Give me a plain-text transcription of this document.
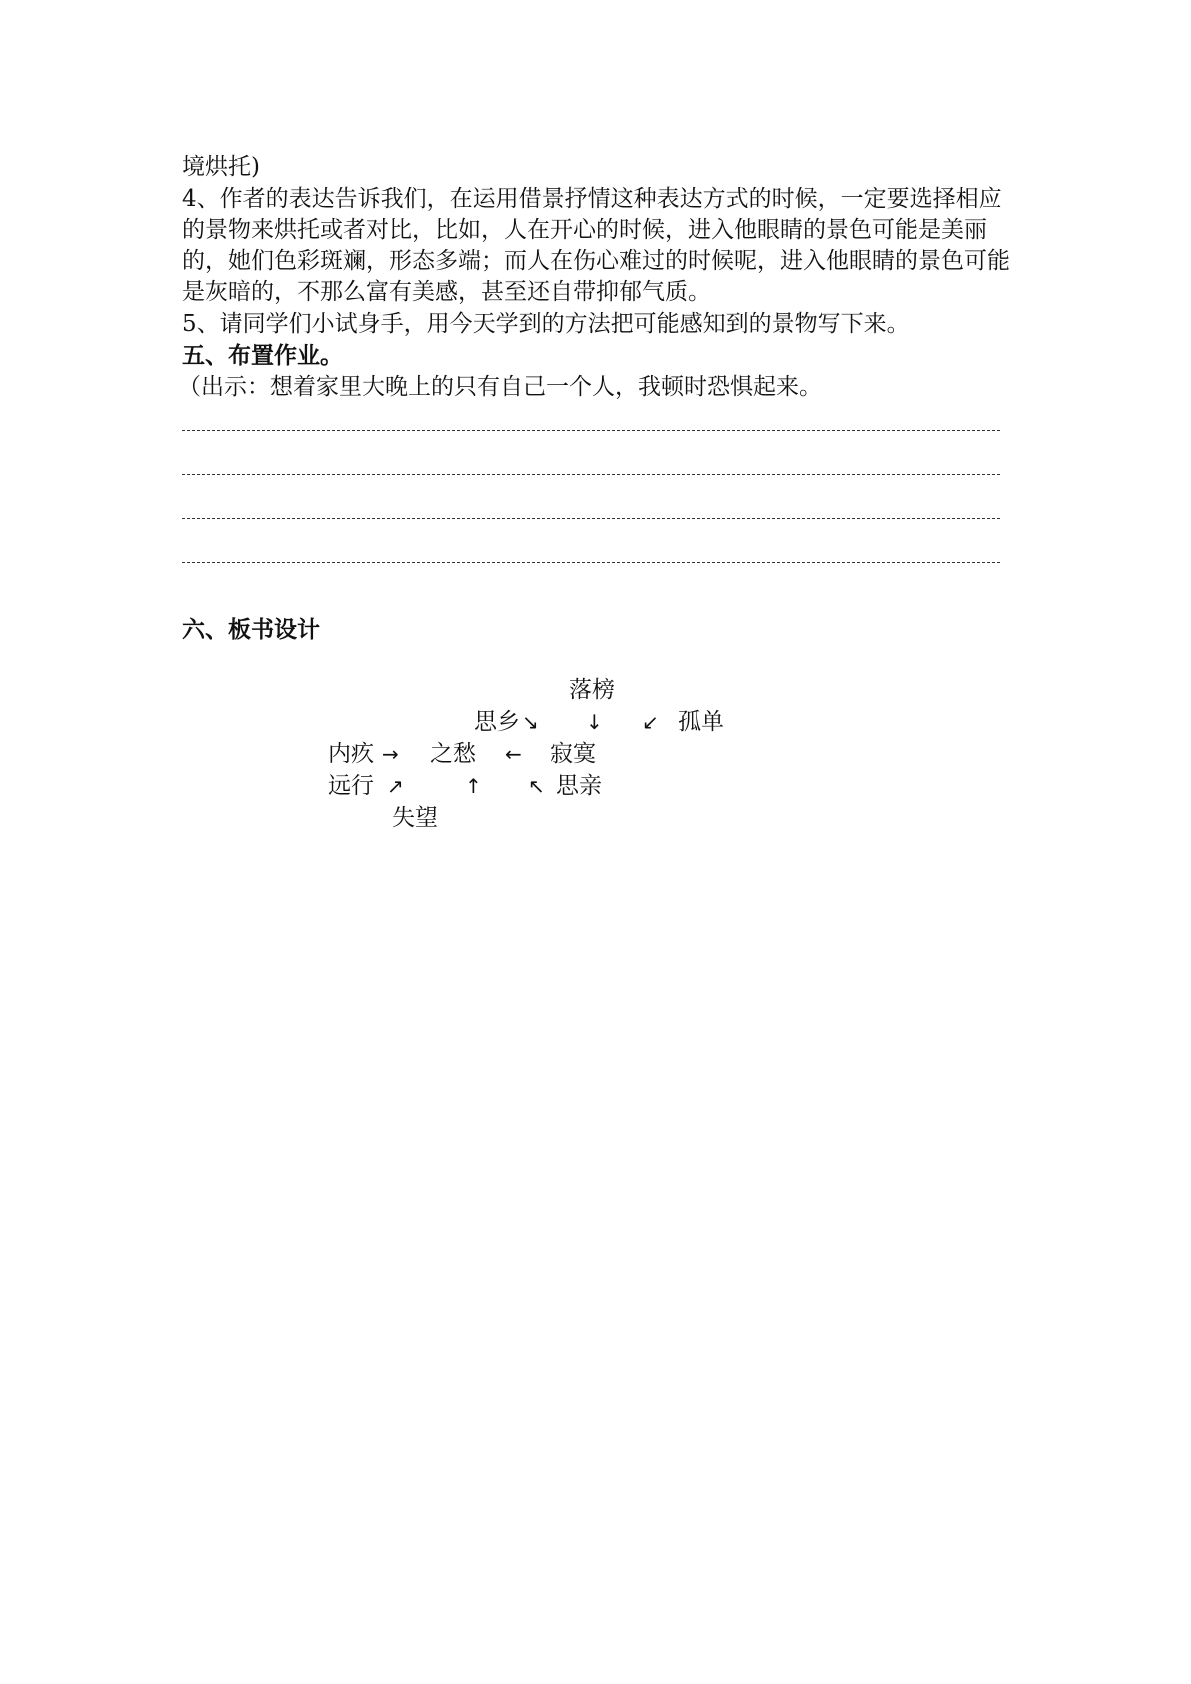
境烘托)

4、作者的表达告诉我们，在运用借景抒情这种表达方式的时候，一定要选择相应的景物来烘托或者对比，比如，人在开心的时候，进入他眼睛的景色可能是美丽的，她们色彩斑斓，形态多端；而人在伤心难过的时候呢，进入他眼睛的景色可能是灰暗的，不那么富有美感，甚至还自带抑郁气质。

5、请同学们小试身手，用今天学到的方法把可能感知到的景物写下来。

五、布置作业。

（出示：想着家里大晚上的只有自己一个人，我顿时恐惧起来。

六、板书设计

落榜
思乡 ↘ ↓ ↙ 孤单
内疚 → 之愁 ← 寂寞
远行 ↗	↑ ↖ 思亲
失望
